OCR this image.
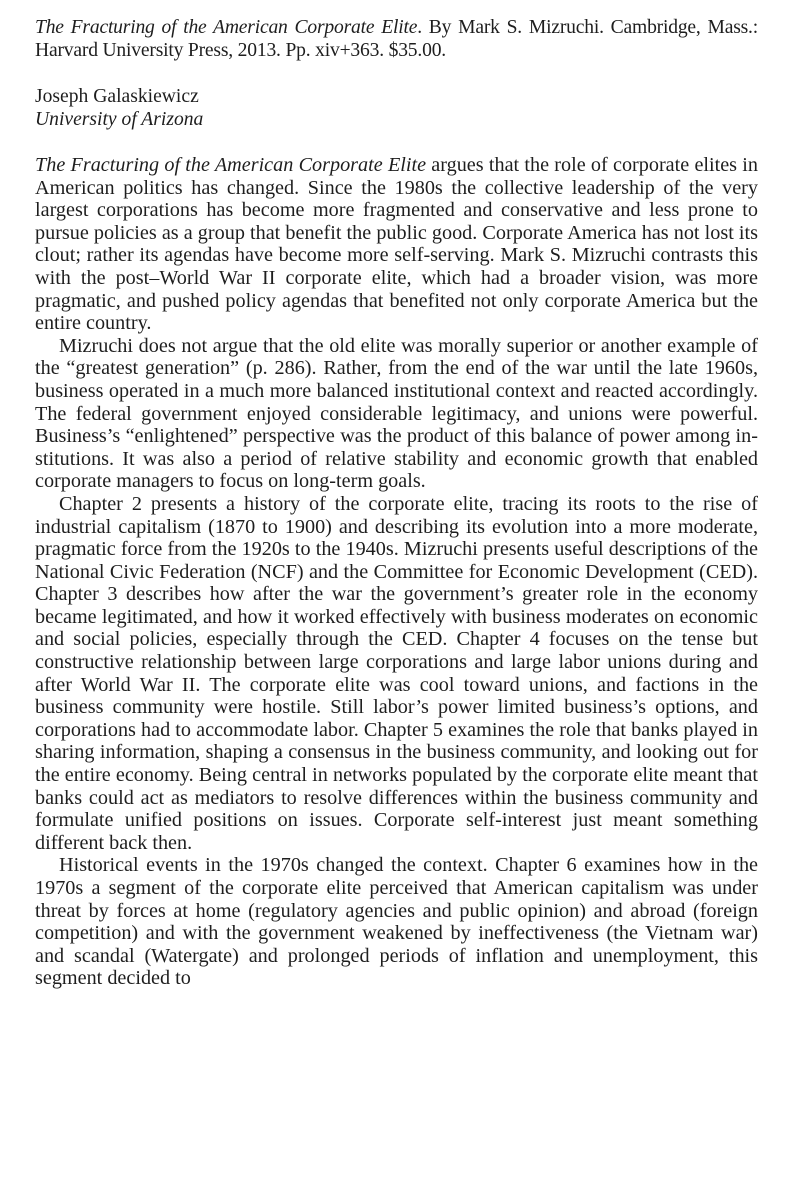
The Fracturing of the American Corporate Elite. By Mark S. Mizruchi. Cambridge, Mass.: Harvard University Press, 2013. Pp. xiv+363. $35.00.

Joseph Galaskiewicz
University of Arizona

The Fracturing of the American Corporate Elite argues that the role of corporate elites in American politics has changed. Since the 1980s the collective leadership of the very largest corporations has become more fragmented and conservative and less prone to pursue policies as a group that benefit the public good. Corporate America has not lost its clout; rather its agendas have become more self-serving. Mark S. Mizruchi contrasts this with the post–World War II corporate elite, which had a broader vision, was more pragmatic, and pushed policy agendas that benefited not only corporate America but the entire country.

Mizruchi does not argue that the old elite was morally superior or another example of the “greatest generation” (p. 286). Rather, from the end of the war until the late 1960s, business operated in a much more balanced institutional context and reacted accordingly. The federal government enjoyed considerable legitimacy, and unions were powerful. Business’s “enlightened” perspective was the product of this balance of power among institutions. It was also a period of relative stability and economic growth that enabled corporate managers to focus on long-term goals.

Chapter 2 presents a history of the corporate elite, tracing its roots to the rise of industrial capitalism (1870 to 1900) and describing its evolution into a more moderate, pragmatic force from the 1920s to the 1940s. Mizruchi presents useful descriptions of the National Civic Federation (NCF) and the Committee for Economic Development (CED). Chapter 3 describes how after the war the government’s greater role in the economy became legitimated, and how it worked effectively with business moderates on economic and social policies, especially through the CED. Chapter 4 focuses on the tense but constructive relationship between large corporations and large labor unions during and after World War II. The corporate elite was cool toward unions, and factions in the business community were hostile. Still labor’s power limited business’s options, and corporations had to accommodate labor. Chapter 5 examines the role that banks played in sharing information, shaping a consensus in the business community, and looking out for the entire economy. Being central in networks populated by the corporate elite meant that banks could act as mediators to resolve differences within the business community and formulate unified positions on issues. Corporate self-interest just meant something different back then.

Historical events in the 1970s changed the context. Chapter 6 examines how in the 1970s a segment of the corporate elite perceived that American capitalism was under threat by forces at home (regulatory agencies and public opinion) and abroad (foreign competition) and with the government weakened by ineffectiveness (the Vietnam war) and scandal (Watergate) and prolonged periods of inflation and unemployment, this segment decided to
